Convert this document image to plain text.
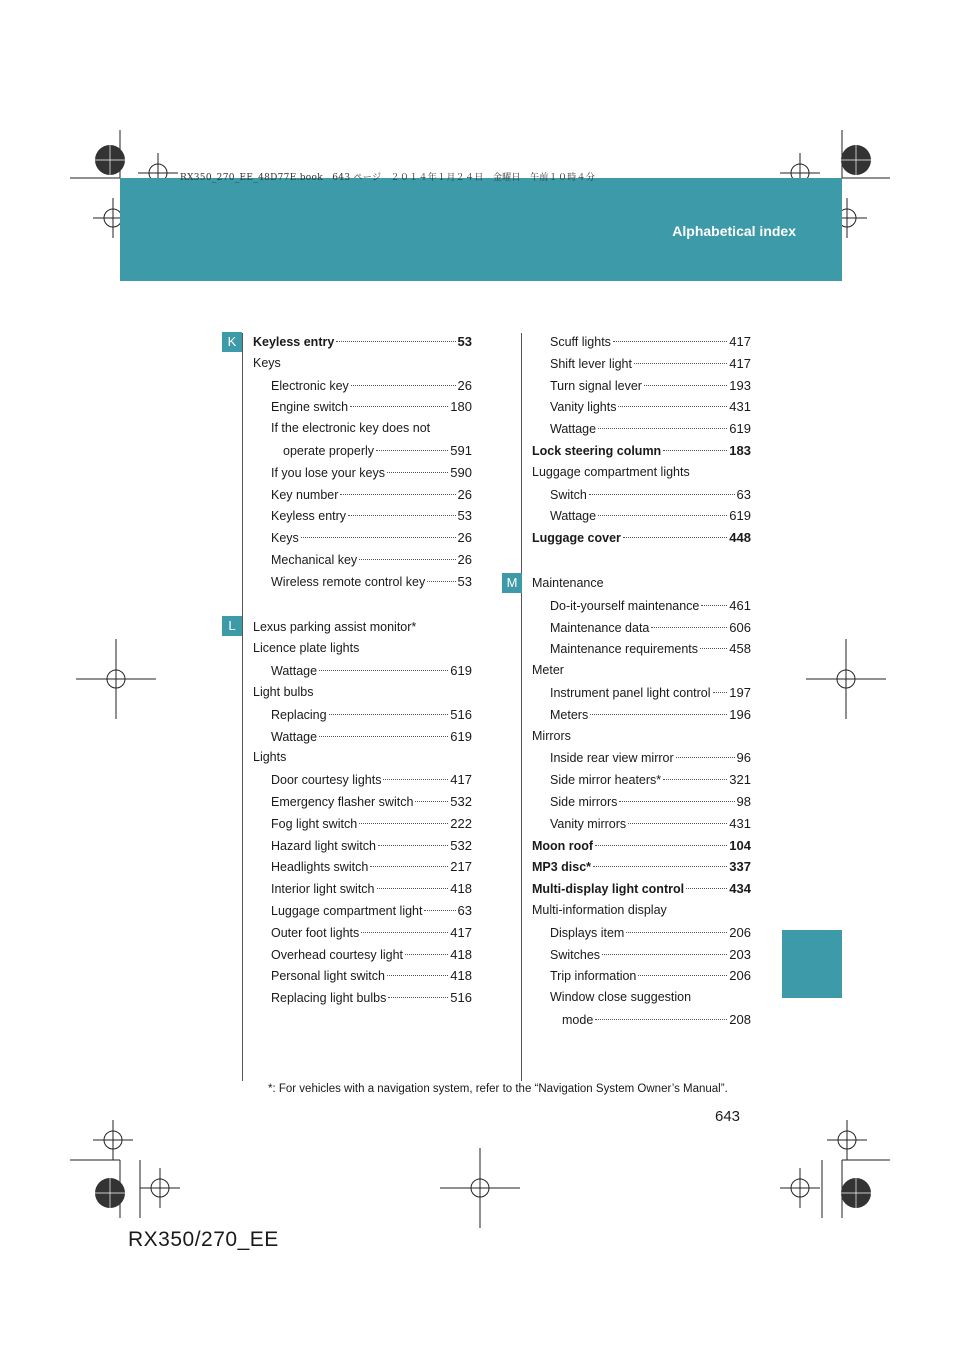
Alphabetical index
RX350_270_EE_48D77E.book　643 ページ　２０１４年１月２４日　金曜日　午前１０時４分
K
L
M
Keyless entry	53
Keys
Electronic key	26
Engine switch	180
If the electronic key does not
operate properly	591
If you lose your keys	590
Key number	26
Keyless entry	53
Keys	26
Mechanical key	26
Wireless remote control key 53
Lexus parking assist monitor*
Licence plate lights
Wattage	619
Light bulbs
Replacing	516
Wattage	619
Lights
Door courtesy lights	417
Emergency flasher switch	532
Fog light switch	222
Hazard light switch	532
Headlights switch	217
Interior light switch	418
Luggage compartment light	63
Outer foot lights	417
Overhead courtesy light	418
Personal light switch	418
Replacing light bulbs	516
Scuff lights	417
Shift lever light	417
Turn signal lever	193
Vanity lights	431
Wattage	619
Lock steering column	183
Luggage compartment lights
Switch	63
Wattage	619
Luggage cover	448
Maintenance
Do-it-yourself maintenance 461
Maintenance data	606
Maintenance requirements 458
Meter
Instrument panel light control 197
Meters	196
Mirrors
Inside rear view mirror	96
Side mirror heaters*	321
Side mirrors	98
Vanity mirrors	431
Moon roof	104
MP3 disc*	337
Multi-display light control	434
Multi-information display
Displays item	206
Switches	203
Trip information	206
Window close suggestion
mode	208
*: For vehicles with a navigation system, refer to the “Navigation System Owner’s Manual”.
643
RX350/270_EE
